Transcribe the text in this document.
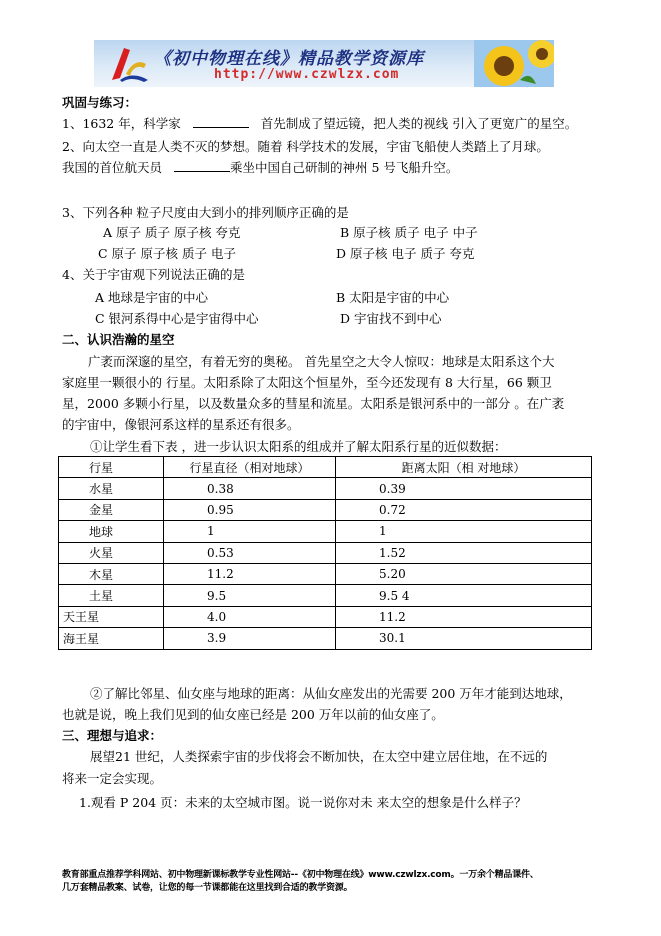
《初中物理在线》精品教学资源库
http://www.czwlzx.com
巩固与练习：
1、1632 年，科学家	首先制成了望远镜，把人类的视线 引入了更宽广的星空。
2、向太空一直是人类不灭的梦想。随着 科学技术的发展，宇宙飞船使人类踏上了月球。
我国的首位航天员	乘坐中国自己研制的神州 5 号飞船升空。
3、下列各种 粒子尺度由大到小的排列顺序正确的是
A 原子 质子 原子核 夸克	B 原子核 质子 电子 中子
C 原子 原子核 质子 电子	D 原子核 电子 质子 夸克
4、关于宇宙观下列说法正确的是
A 地球是宇宙的中心	B 太阳是宇宙的中心
C 银河系得中心是宇宙得中心	D 宇宙找不到中心
二、认识浩瀚的星空
广袤而深邃的星空，有着无穷的奥秘。 首先星空之大令人惊叹：地球是太阳系这个大
家庭里一颗很小的 行星。太阳系除了太阳这个恒星外，至今还发现有 8 大行星，66 颗卫
星，2000 多颗小行星，以及数量众多的彗星和流星。太阳系是银河系中的一部分 。在广袤
的宇宙中，像银河系这样的星系还有很多。
①让学生看下表 ，进一步认识太阳系的组成并了解太阳系行星的近似数据：
行星	行星直径（相对地球）	距离太阳（相 对地球）
水星	0.38	0.39
金星	0.95	0.72
地球	1	1
火星	0.53	1.52
木星	11.2	5.20
土星	9.5	9.5 4
天王星	4.0	11.2
海王星	3.9	30.1
②了解比邻星、仙女座与地球的距离：从仙女座发出的光需要 200 万年才能到达地球，
也就是说，晚上我们见到的仙女座已经是 200 万年以前的仙女座了。
三、理想与追求：
展望21 世纪，人类探索宇宙的步伐将会不断加快，在太空中建立居住地，在不远的
将来一定会实现。
1.观看 P 204 页：未来的太空城市图。说一说你对未 来太空的想象是什么样子？
教育部重点推荐学科网站、初中物理新课标教学专业性网站--《初中物理在线》www.czwlzx.com。一万余个精品课件、
几万套精品教案、试卷，让您的每一节课都能在这里找到合适的教学资源。
